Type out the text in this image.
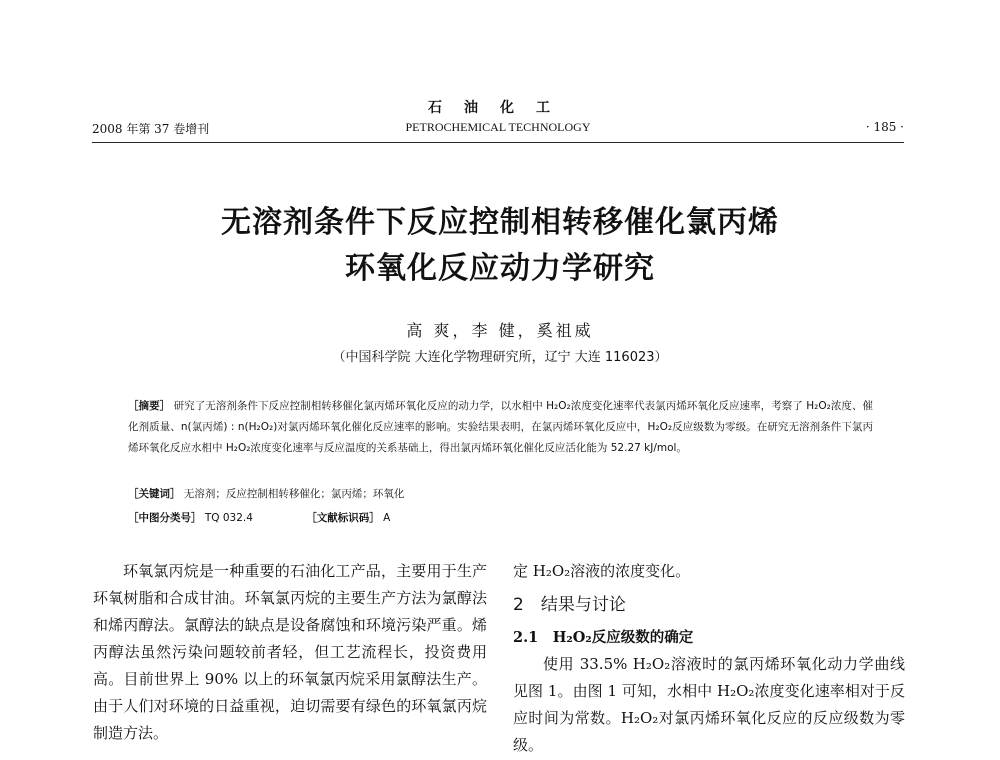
石油化工
PETROCHEMICAL TECHNOLOGY
2008 年第 37 卷增刊	· 185 ·
无溶剂条件下反应控制相转移催化氯丙烯
环氧化反应动力学研究
高 爽，李 健，奚祖威
（中国科学院 大连化学物理研究所，辽宁 大连 116023）
［摘要］ 研究了无溶剂条件下反应控制相转移催化氯丙烯环氧化反应的动力学，以水相中 H₂O₂浓度变化速率代表氯丙烯环氧化反应速率，考察了 H₂O₂浓度、催化剂质量、n(氯丙烯) : n(H₂O₂)对氯丙烯环氧化催化反应速率的影响。实验结果表明，在氯丙烯环氧化反应中，H₂O₂反应级数为零级。在研究无溶剂条件下氯丙烯环氧化反应水相中 H₂O₂浓度变化速率与反应温度的关系基础上，得出氯丙烯环氧化催化反应活化能为 52.27 kJ/mol。
［关键词］ 无溶剂；反应控制相转移催化；氯丙烯；环氧化
［中图分类号］ TQ 032.4	［文献标识码］ A

环氧氯丙烷是一种重要的石油化工产品，主要用于生产环氧树脂和合成甘油。环氧氯丙烷的主要生产方法为氯醇法和烯丙醇法。氯醇法的缺点是设备腐蚀和环境污染严重。烯丙醇法虽然污染问题较前者轻，但工艺流程长，投资费用高。目前世界上 90% 以上的环氧氯丙烷采用氯醇法生产。由于人们对环境的日益重视，迫切需要有绿色的环氧氯丙烷制造方法。

定 H₂O₂溶液的浓度变化。

2　结果与讨论

2.1　H₂O₂反应级数的确定

使用 33.5% H₂O₂溶液时的氯丙烯环氧化动力学曲线见图 1。由图 1 可知，水相中 H₂O₂浓度变化速率相对于反应时间为常数。H₂O₂对氯丙烯环氧化反应的反应级数为零级。
